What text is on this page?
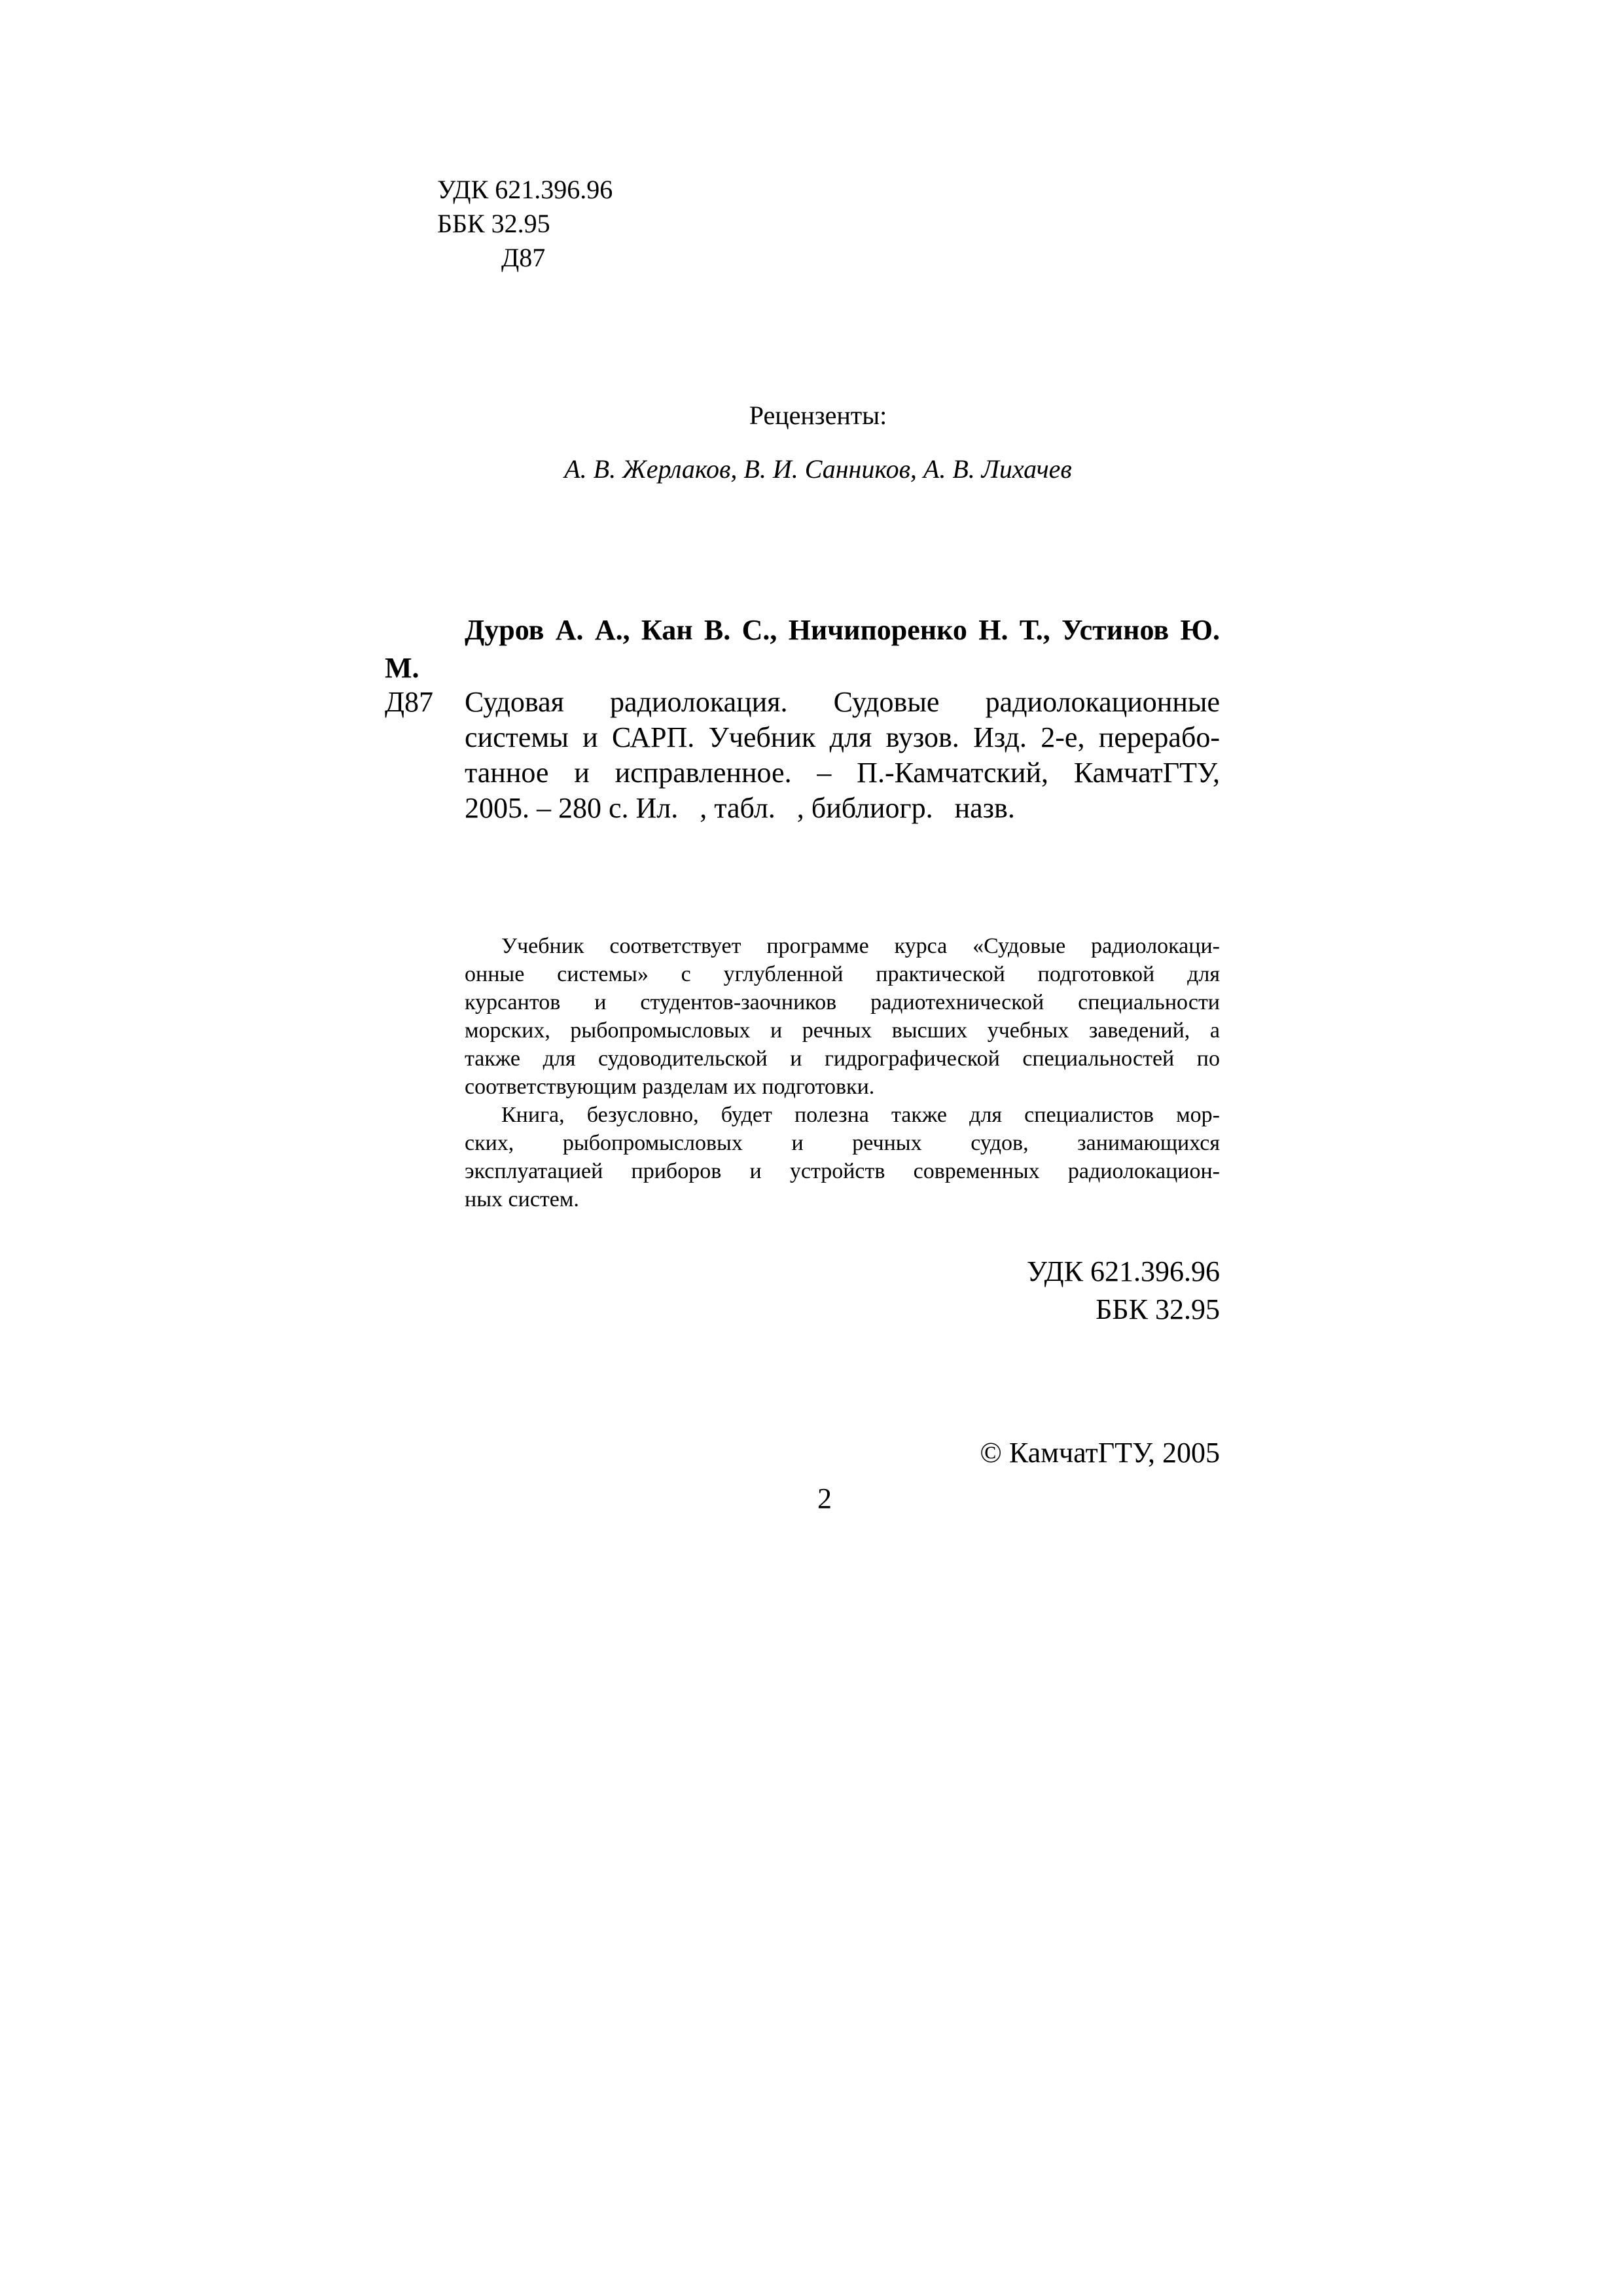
УДК 621.396.96
ББК 32.95
Д87
Рецензенты:
А. В. Жерлаков, В. И. Санников, А. В. Лихачев
Дуров А. А., Кан В. С., Ничипоренко Н. Т., Устинов Ю.
М.
Д87 Судовая радиолокация. Судовые радиолокационные
системы и САРП. Учебник для вузов. Изд. 2-е, перерабо-
танное и исправленное. – П.-Камчатский, КамчатГТУ,
2005. – 280 с. Ил.   , табл.   , библиогр.   назв.
Учебник соответствует программе курса «Судовые радиолокаци-
онные системы» с углубленной практической подготовкой для
курсантов и студентов-заочников радиотехнической специальности
морских, рыбопромысловых и речных высших учебных заведений, а
также для судоводительской и гидрографической специальностей по
соответствующим разделам их подготовки.
Книга, безусловно, будет полезна также для специалистов мор-
ских, рыбопромысловых и речных судов, занимающихся
эксплуатацией приборов и устройств современных радиолокацион-
ных систем.
УДК 621.396.96
ББК 32.95
© КамчатГТУ, 2005
2
